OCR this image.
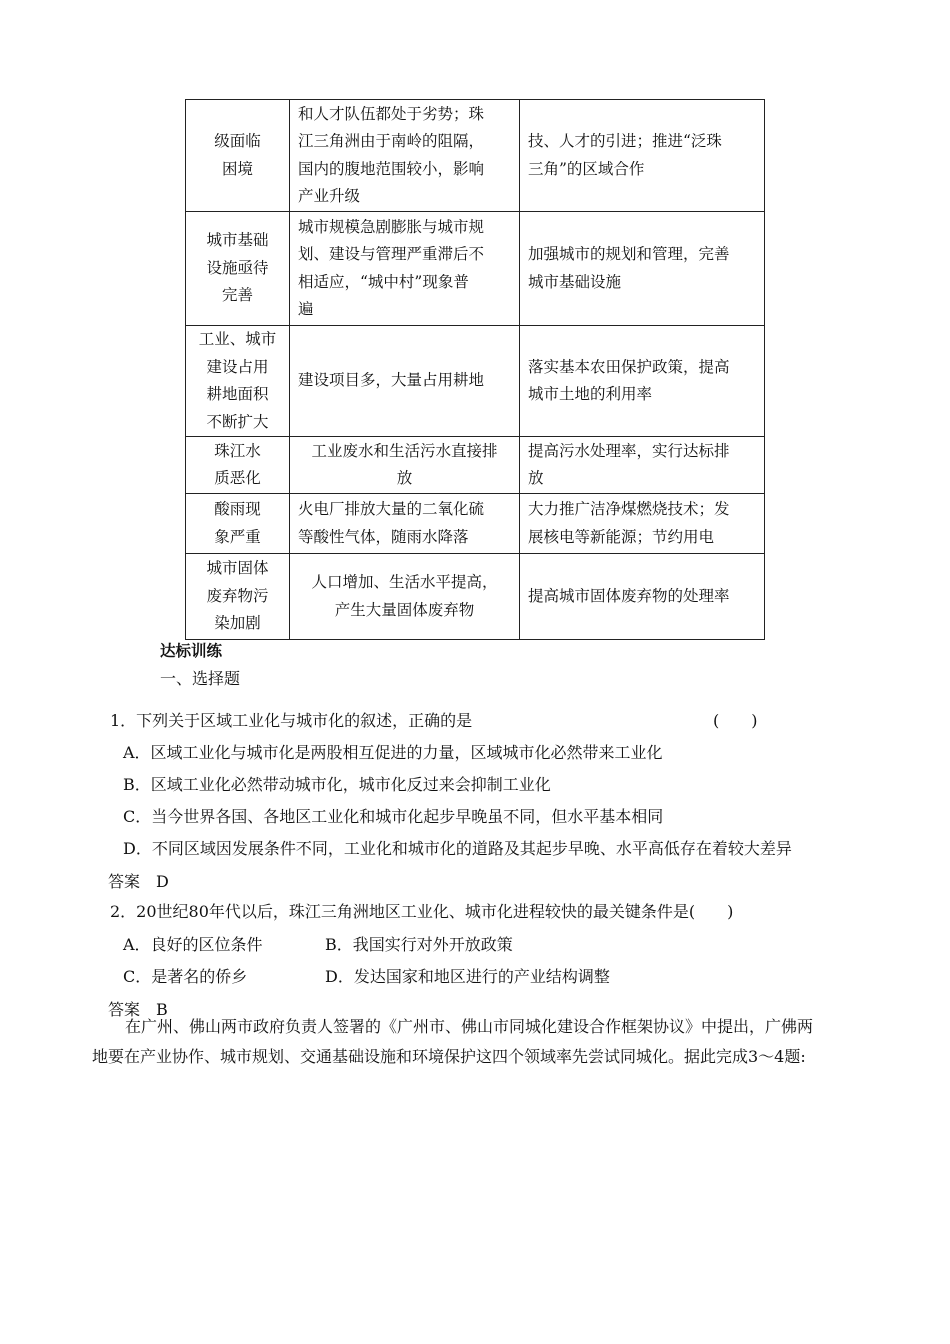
级面临
困境	和人才队伍都处于劣势；珠
江三角洲由于南岭的阻隔，
国内的腹地范围较小，影响
产业升级	技、人才的引进；推进“泛珠
三角”的区域合作
城市基础
设施亟待
完善	城市规模急剧膨胀与城市规
划、建设与管理严重滞后不
相适应，“城中村”现象普
遍	加强城市的规划和管理，完善
城市基础设施
工业、城市
建设占用
耕地面积
不断扩大	建设项目多，大量占用耕地	落实基本农田保护政策，提高
城市土地的利用率
珠江水
质恶化	工业废水和生活污水直接排
放	提高污水处理率，实行达标排
放
酸雨现
象严重	火电厂排放大量的二氧化硫
等酸性气体，随雨水降落	大力推广洁净煤燃烧技术；发
展核电等新能源；节约用电
城市固体
废弃物污
染加剧	人口增加、生活水平提高，
产生大量固体废弃物	提高城市固体废弃物的处理率
达标训练
一、选择题
1．下列关于区域工业化与城市化的叙述，正确的是	(　　)
A．区域工业化与城市化是两股相互促进的力量，区域城市化必然带来工业化
B．区域工业化必然带动城市化，城市化反过来会抑制工业化
C．当今世界各国、各地区工业化和城市化起步早晚虽不同，但水平基本相同
D．不同区域因发展条件不同，工业化和城市化的道路及其起步早晚、水平高低存在着较大差异
答案　D
2．20世纪80年代以后，珠江三角洲地区工业化、城市化进程较快的最关键条件是(　　)
A．良好的区位条件	B．我国实行对外开放政策
C．是著名的侨乡	D．发达国家和地区进行的产业结构调整
答案　B
在广州、佛山两市政府负责人签署的《广州市、佛山市同城化建设合作框架协议》中提出，广佛两
地要在产业协作、城市规划、交通基础设施和环境保护这四个领域率先尝试同城化。据此完成3～4题:
